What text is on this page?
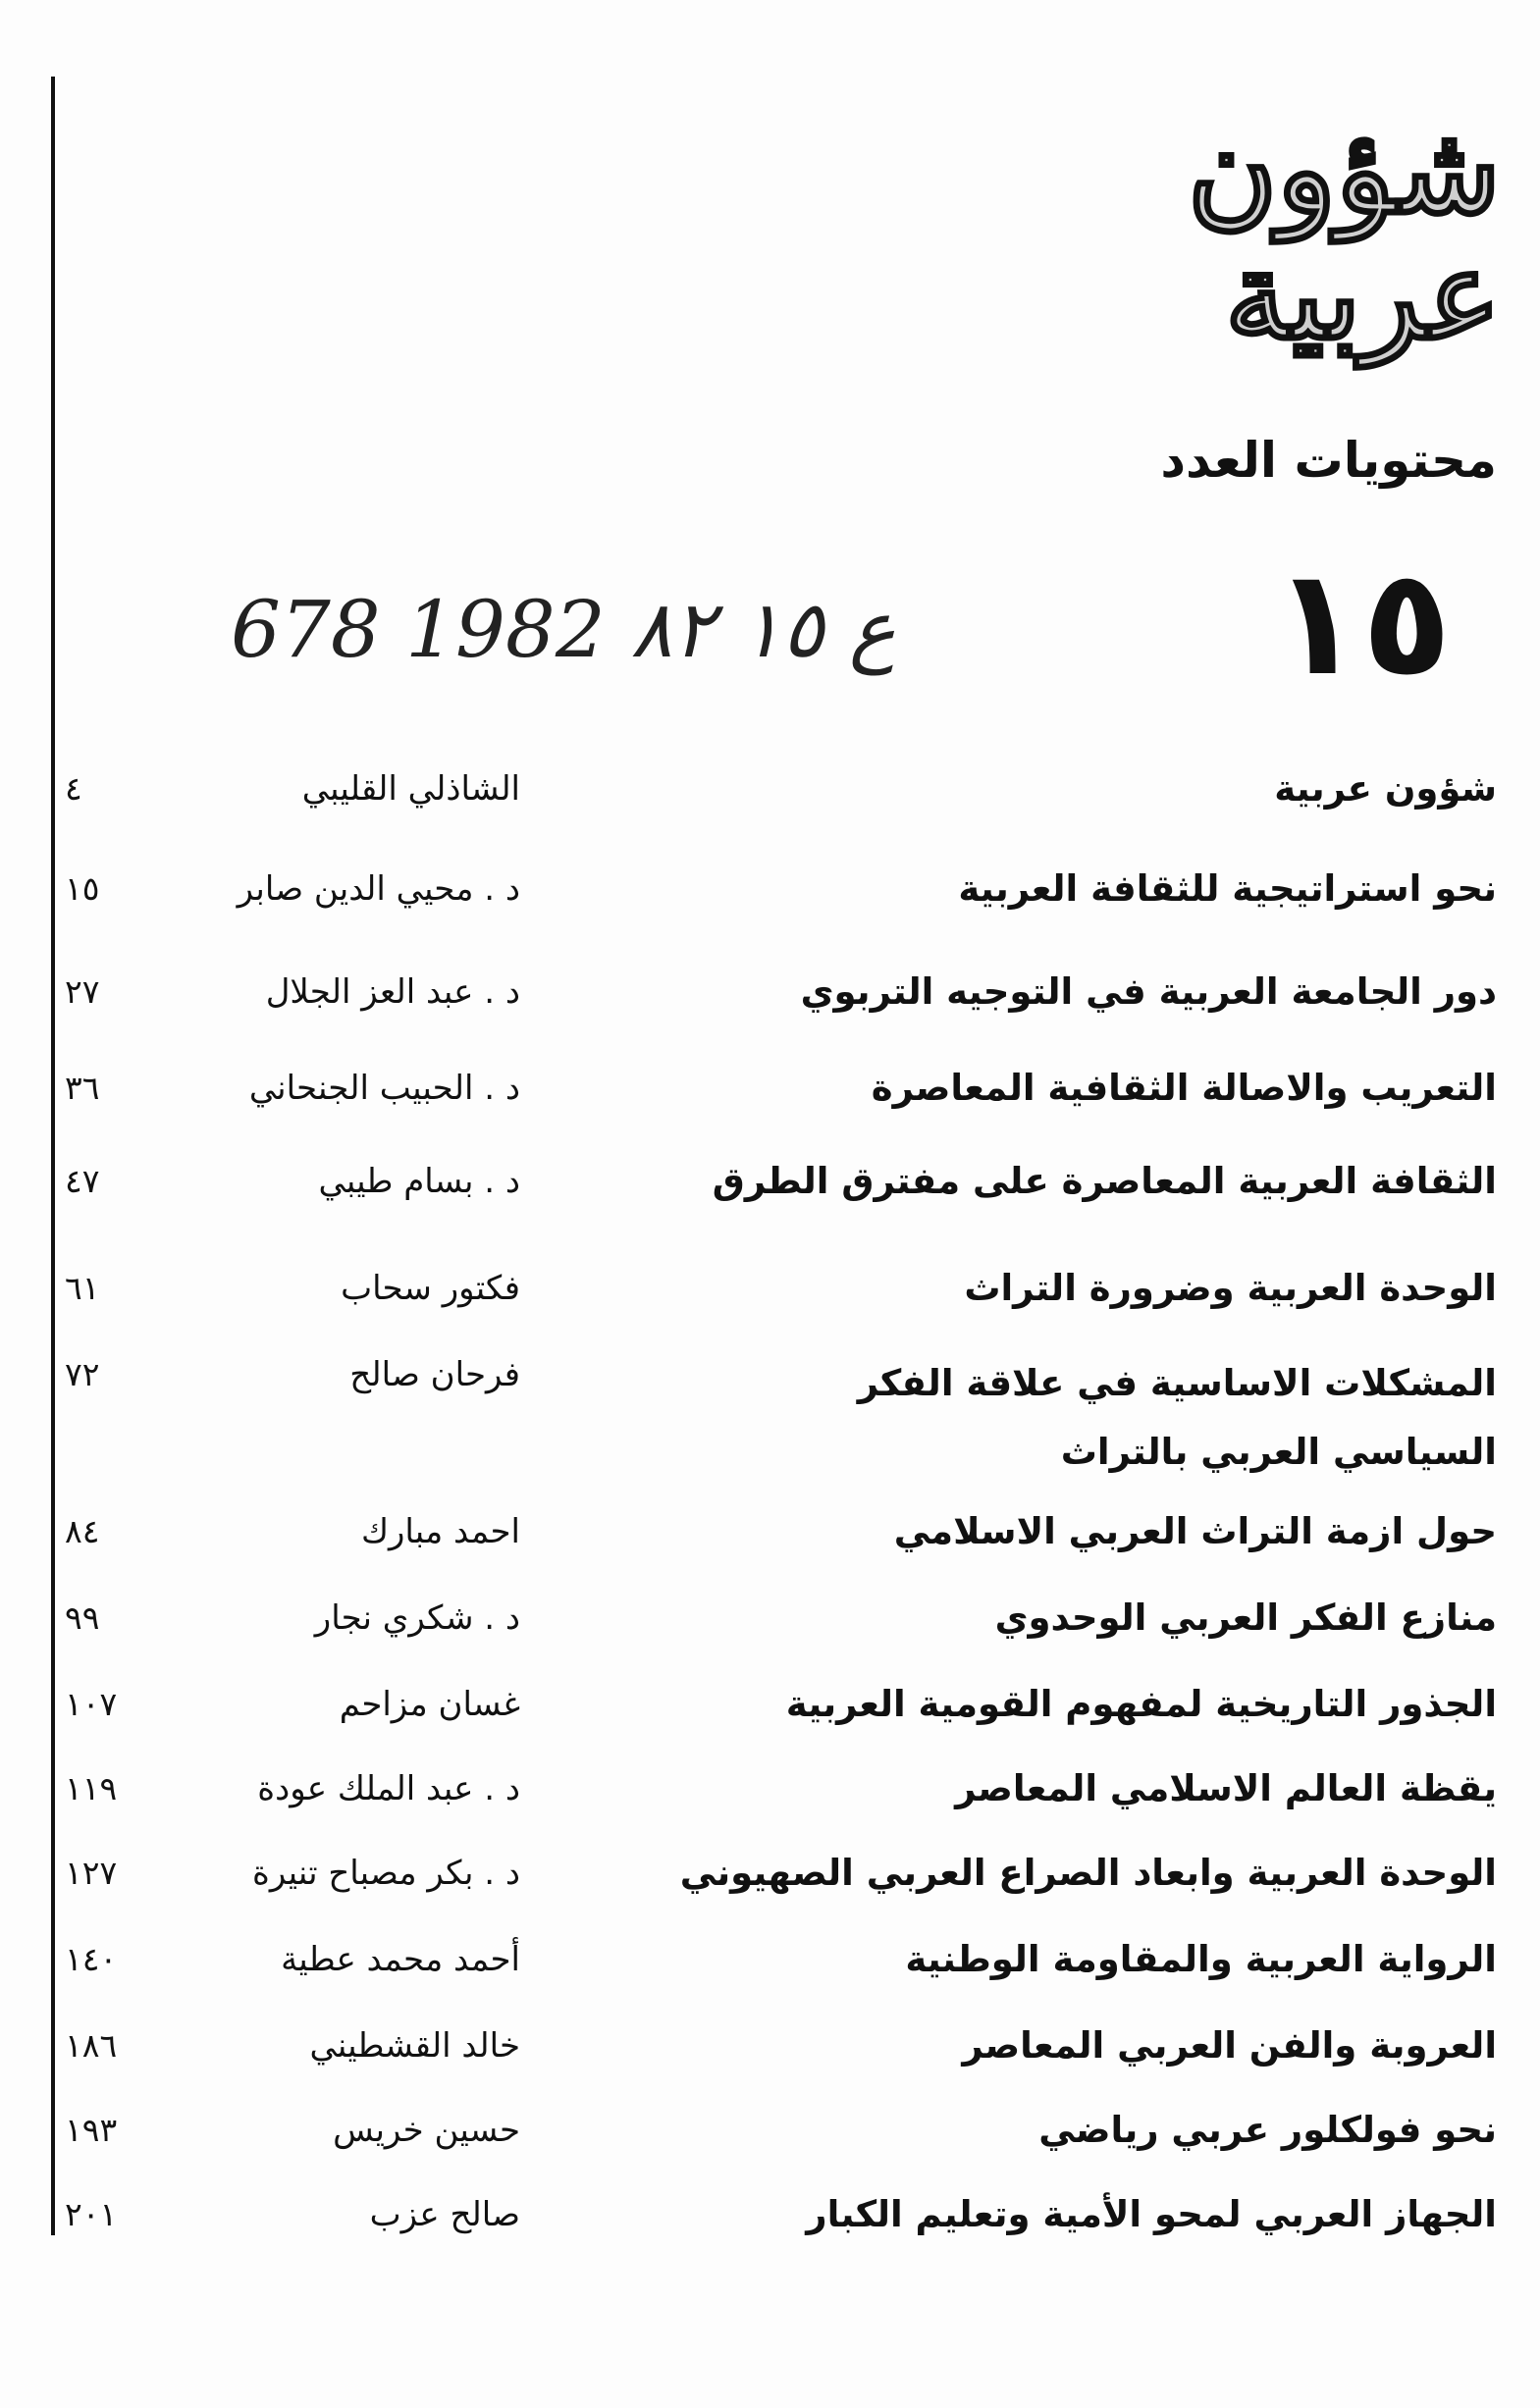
شؤون
عربية
محتويات العدد
678 1982 ع ١٥ ٨٢	١٥
شؤون عربية
الشاذلي القليبي
٤
نحو استراتيجية للثقافة العربية
د . محيي الدين صابر
١٥
دور الجامعة العربية في التوجيه التربوي
د . عبد العز الجلال
٢٧
التعريب والاصالة الثقافية المعاصرة
د . الحبيب الجنحاني
٣٦
الثقافة العربية المعاصرة على مفترق الطرق
د . بسام طيبي
٤٧
الوحدة العربية وضرورة التراث
فكتور سحاب
٦١
المشكلات الاساسية في علاقة الفكر السياسي العربي بالتراث
فرحان صالح
٧٢
حول ازمة التراث العربي الاسلامي
احمد مبارك
٨٤
منازع الفكر العربي الوحدوي
د . شكري نجار
٩٩
الجذور التاريخية لمفهوم القومية العربية
غسان مزاحم
١٠٧
يقظة العالم الاسلامي المعاصر
د . عبد الملك عودة
١١٩
الوحدة العربية وابعاد الصراع العربي الصهيوني
د . بكر مصباح تنيرة
١٢٧
الرواية العربية والمقاومة الوطنية
أحمد محمد عطية
١٤٠
العروبة والفن العربي المعاصر
خالد القشطيني
١٨٦
نحو فولكلور عربي رياضي
حسين خريس
١٩٣
الجهاز العربي لمحو الأمية وتعليم الكبار
صالح عزب
٢٠١
